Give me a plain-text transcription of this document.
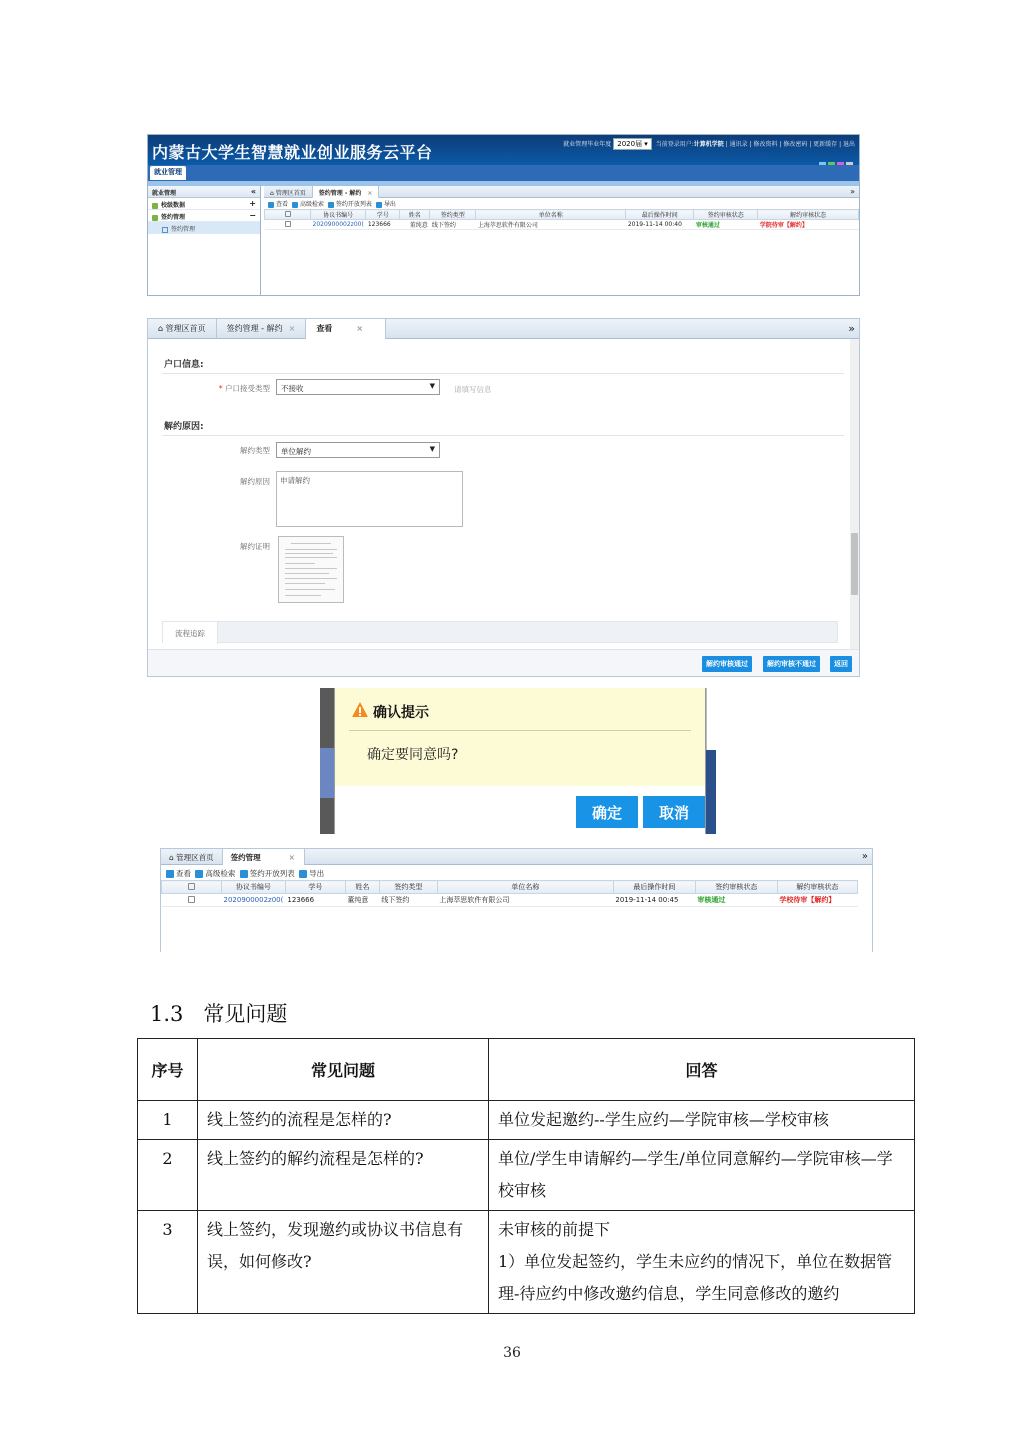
内蒙古大学生智慧就业创业服务云平台	就业管理毕业年度 2020届 ▾ 当前登录用户:计算机学院 | 通讯录 | 修改资料 | 修改密码 | 更新缓存 | 退出
就业管理
就业管理	«
校级数据	+
签约管理	−
签约管理
⌂ 管理区首页 签约管理 - 解约 ×	»
查看 高级检索 签约开放列表 导出
	协议书编号	学号	姓名	签约类型	单位名称	最后操作时间	签约审核状态	解约审核状态
	2020900002z00(	123666	董纯意	线下签约	上海萃思软件有限公司	2019-11-14 00:40	审核通过	学院待审【解约】
⌂ 管理区首页	签约管理 - 解约 ×	查看	×	»
户口信息:
* 户口接受类型	不接收	▼	请填写信息
解约原因:
解约类型	单位解约	▼
解约原因	申请解约
解约证明
流程追踪
解约审核通过	解约审核不通过	返回
确认提示
确定要同意吗?
确定	取消
⌂ 管理区首页 签约管理	×	»
查看 高级检索 签约开放列表 导出
	协议书编号	学号	姓名	签约类型	单位名称	最后操作时间	签约审核状态	解约审核状态
	2020900002z00(	123666	董纯意	线下签约	上海萃思软件有限公司	2019-11-14 00:45	审核通过	学校待审【解约】
1.3 常见问题
序号	常见问题	回答
1	线上签约的流程是怎样的?	单位发起邀约--学生应约—学院审核—学校审核

2	线上签约的解约流程是怎样的?	单位/学生申请解约—学生/单位同意解约—学院审核—学校审核

3	线上签约，发现邀约或协议书信息有误，如何修改?	未审核的前提下
1）单位发起签约，学生未应约的情况下，单位在数据管理-待应约中修改邀约信息，学生同意修改的邀约
36
